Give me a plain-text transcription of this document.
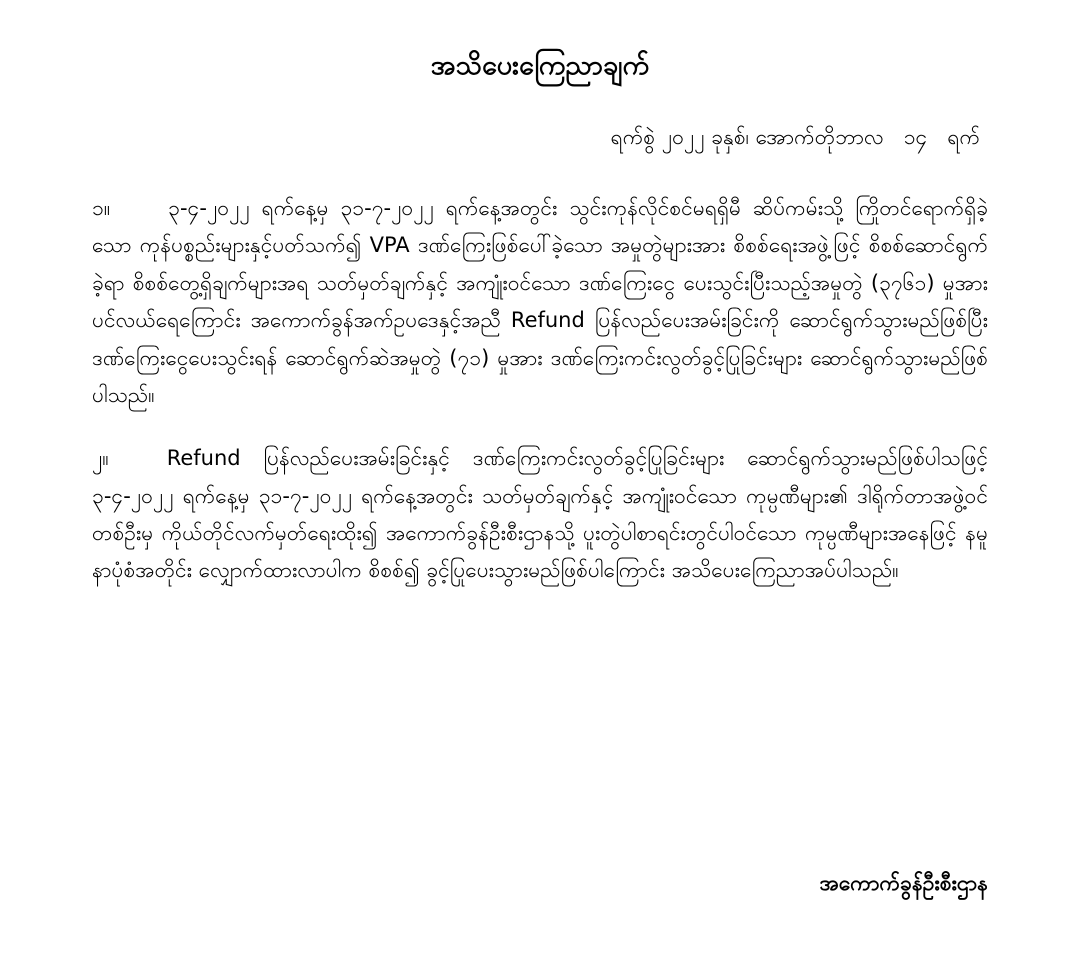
အသိပေးကြေညာချက်
ရက်စွဲ ၂၀၂၂ ခုနှစ်၊ အောက်တိုဘာလ   ၁၄   ရက်

၁။	၃-၄-၂၀၂၂ ရက်နေ့မှ ၃၁-၇-၂၀၂၂ ရက်နေ့အတွင်း သွင်းကုန်လိုင်စင်မရရှိမီ ဆိပ်ကမ်းသို့ ကြိုတင်ရောက်ရှိခဲ့သော ကုန်ပစ္စည်းများနှင့်ပတ်သက်၍ VPA ဒဏ်ကြေးဖြစ်ပေါ်ခဲ့သော အမှုတွဲများအား စိစစ်ရေးအဖွဲ့ဖြင့် စိစစ်ဆောင်ရွက်ခဲ့ရာ စိစစ်တွေ့ရှိချက်များအရ သတ်မှတ်ချက်နှင့် အကျုံးဝင်သော ဒဏ်ကြေးငွေ ပေးသွင်းပြီးသည့်အမှုတွဲ (၃၇၆၁) မှုအား ပင်လယ်ရေကြောင်း အကောက်ခွန်အက်ဥပဒေနှင့်အညီ Refund ပြန်လည်ပေးအမ်းခြင်းကို ဆောင်ရွက်သွားမည်ဖြစ်ပြီး ဒဏ်ကြေးငွေပေးသွင်းရန် ဆောင်ရွက်ဆဲအမှုတွဲ (၇၁) မှုအား ဒဏ်ကြေးကင်းလွတ်ခွင့်ပြုခြင်းများ ဆောင်ရွက်သွားမည်ဖြစ်ပါသည်။

၂။	Refund ပြန်လည်ပေးအမ်းခြင်းနှင့် ဒဏ်ကြေးကင်းလွတ်ခွင့်ပြုခြင်းများ ဆောင်ရွက်သွားမည်ဖြစ်ပါသဖြင့် ၃-၄-၂၀၂၂ ရက်နေ့မှ ၃၁-၇-၂၀၂၂ ရက်နေ့အတွင်း သတ်မှတ်ချက်နှင့် အကျုံးဝင်သော ကုမ္ပဏီများ၏ ဒါရိုက်တာအဖွဲ့ဝင်တစ်ဦးမှ ကိုယ်တိုင်လက်မှတ်ရေးထိုး၍ အကောက်ခွန်ဦးစီးဌာနသို့ ပူးတွဲပါစာရင်းတွင်ပါဝင်သော ကုမ္ပဏီများအနေဖြင့် နမူနာပုံစံအတိုင်း လျှောက်ထားလာပါက စိစစ်၍ ခွင့်ပြုပေးသွားမည်ဖြစ်ပါကြောင်း အသိပေးကြေညာအပ်ပါသည်။

အကောက်ခွန်ဦးစီးဌာန
